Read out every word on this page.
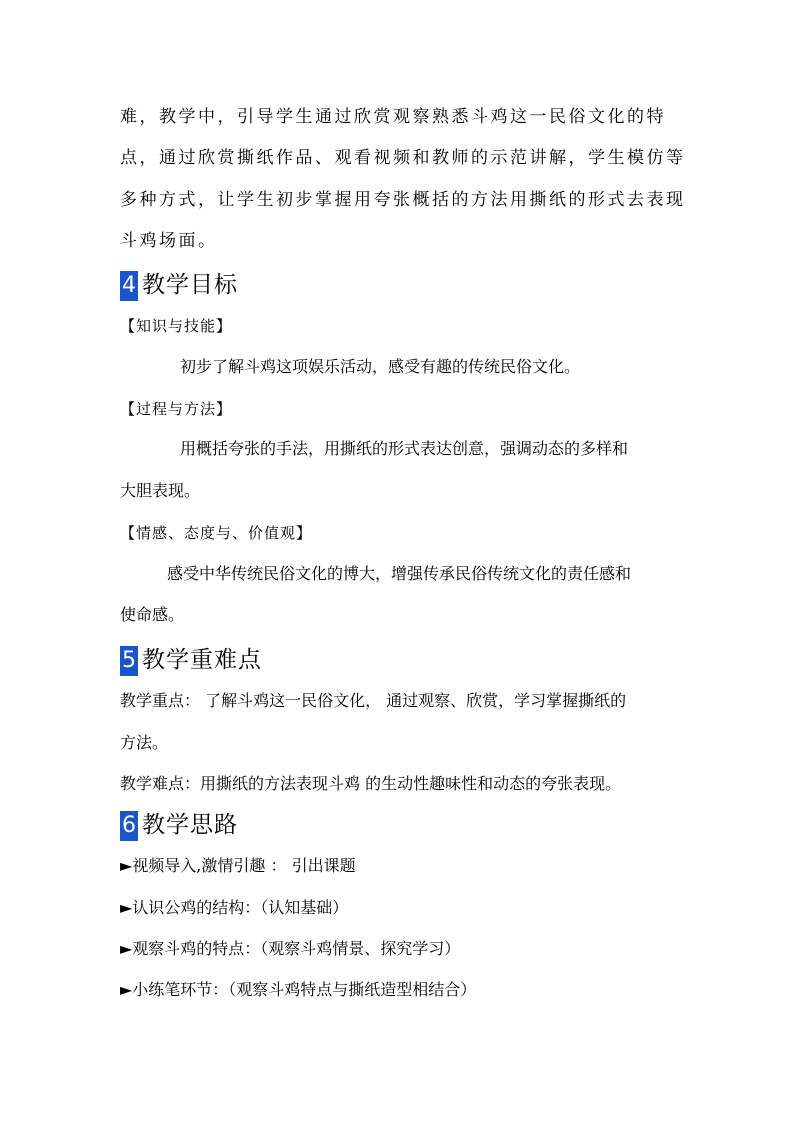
难，教学中，引导学生通过欣赏观察熟悉斗鸡这一民俗文化的特
点，通过欣赏撕纸作品、观看视频和教师的示范讲解，学生模仿等
多种方式，让学生初步掌握用夸张概括的方法用撕纸的形式去表现
斗鸡场面。
4 教学目标
【知识与技能】
初步了解斗鸡这项娱乐活动，感受有趣的传统民俗文化。
【过程与方法】
用概括夸张的手法，用撕纸的形式表达创意，强调动态的多样和
大胆表现。
【情感、态度与、价值观】
感受中华传统民俗文化的博大，增强传承民俗传统文化的责任感和
使命感。
5 教学重难点
教学重点： 了解斗鸡这一民俗文化， 通过观察、欣赏，学习掌握撕纸的
方法。
教学难点：用撕纸的方法表现斗鸡 的生动性趣味性和动态的夸张表现。
6 教学思路
►视频导入,激情引趣 ： 引出课题
►认识公鸡的结构：（认知基础）
►观察斗鸡的特点：（观察斗鸡情景、探究学习）
►小练笔环节：（观察斗鸡特点与撕纸造型相结合）
